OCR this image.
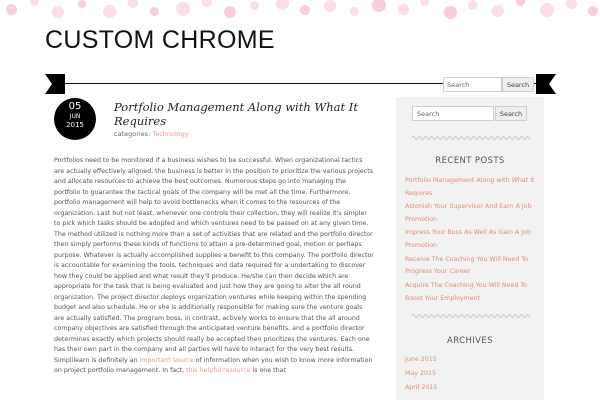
CUSTOM CHROME
Search
Search
05
JUN
2015
Portfolio Management Along with What It Requires
categories: Technology
Portfolios need to be monitored if a business wishes to be successful. When organizational tactics are actually effectively aligned, the business is better in the position to prioritize the various projects and allocate resources to achieve the best outcomes. Numerous steps go into managing the portfolio to guarantee the tactical goals of the company will be met all the time. Furthermore, portfolio management will help to avoid bottlenecks when it comes to the resources of the organization. Last but not least, whenever one controls their collection, they will realize it's simpler to pick which tasks should be adopted and which ventures need to be passed on at any given time. The method utilized is nothing more than a set of activities that are related and the portfolio director then simply performs these kinds of functions to attain a pre-determined goal, motion or perhaps purpose. Whatever is actually accomplished supplies a benefit to this company. The portfolio director is accountable for examining the tools, techniques and data required for a undertaking to discover how they could be applied and what result they'll produce. He/she can then decide which are appropriate for the task that is being evaluated and just how they are going to alter the all round organization. The project director deploys organization ventures while keeping within the spending budget and also schedule. He or she is additionally responsible for making sure the venture goals are actually satisfied. The program boss, in contrast, actively works to ensure that the all around company objectives are satisfied through the anticipated venture benefits, and a portfolio director determines exactly which projects should really be accepted then prioritizes the ventures. Each one has their own part in the company and all parties will have to interact for the very best results. Simplilearn is definitely an important source of information when you wish to know more information on project portfolio management. In fact, this helpful resource is one that
Search
Search
RECENT POSTS
Portfolio Management Along with What It Requires
Astonish Your Supervisor And Earn A Job Promotion
Impress Your Boss As Well As Gain A Job Promotion
Receive The Coaching You Will Need To Progress Your Career
Acquire The Coaching You Will Need To Boost Your Employment
ARCHIVES
June 2015
May 2015
April 2015
